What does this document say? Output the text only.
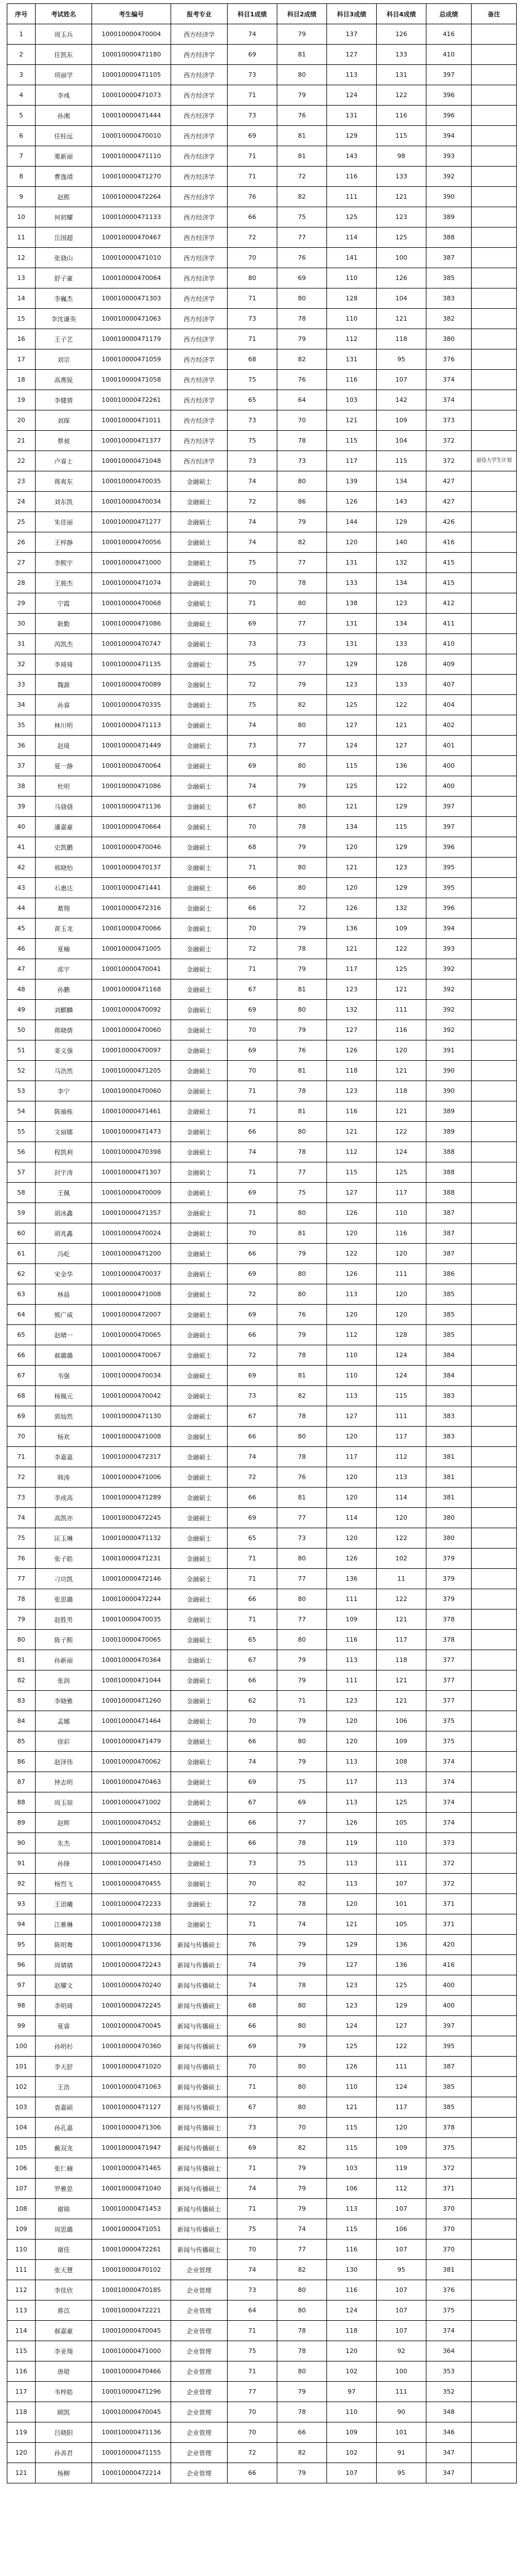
序号	考试姓名	考生编号	报考专业	科目1成绩	科目2成绩	科目3成绩	科目4成绩	总成绩	备注
1	周玉兵	100010000470004	西方经济学	74	79	137	126	416	
2	任凯东	100010000471180	西方经济学	69	81	127	133	410	
3	项丽学	100010000471105	西方经济学	73	80	113	131	397	
4	李彧	100010000471073	西方经济学	71	79	124	122	396	
5	孙湘	100010000471444	西方经济学	73	76	131	116	396	
6	任桂远	100010000470010	西方经济学	69	81	129	115	394	
7	栗新丽	100010000471110	西方经济学	71	81	143	98	393	
8	曹逸靖	100010000471270	西方经济学	71	72	116	133	392	
9	赵熙	100010000472264	西方经济学	76	82	111	121	390	
10	何初耀	100010000471133	西方经济学	66	75	125	123	389	
11	岳国超	100010000470467	西方经济学	72	77	114	125	388	
12	张骁山	100010000471010	西方经济学	70	76	141	100	387	
13	舒子豪	100010000470064	西方经济学	80	69	110	126	385	
14	李巍杰	100010000471303	西方经济学	71	80	128	104	383	
15	李沈谦英	100010000471063	西方经济学	73	78	110	121	382	
16	王子艺	100010000471179	西方经济学	71	79	112	118	380	
17	刘宗	100010000471059	西方经济学	68	82	131	95	376	
18	高燕锐	100010000471058	西方经济学	75	76	116	107	374	
19	李健倩	100010000472261	西方经济学	65	64	103	142	374	
20	刘琛	100010000471011	西方经济学	73	70	121	109	373	
21	蔡昶	100010000471377	西方经济学	75	78	115	104	372	
22	卢睿士	100010000471048	西方经济学	73	73	117	115	372	退役大学生计划
23	蒋爽东	100010000470035	金融硕士	74	80	139	134	427	
24	刘东凯	100010000470034	金融硕士	72	86	126	143	427	
25	朱佳丽	100010000471277	金融硕士	74	79	144	129	426	
26	王梓静	100010000470056	金融硕士	74	82	120	140	416	
27	李熙宇	100010000471000	金融硕士	75	77	131	132	415	
28	王骏杰	100010000471074	金融硕士	70	78	133	134	415	
29	宁霞	100010000470068	金融硕士	71	80	138	123	412	
30	耿勤	100010000471086	金融硕士	69	77	131	134	411	
31	芮凯杰	100010000470747	金融硕士	73	73	131	133	410	
32	李琦琦	100010000471135	金融硕士	75	77	129	128	409	
33	魏源	100010000470089	金融硕士	72	79	123	133	407	
34	孙睿	100010000470335	金融硕士	75	82	125	122	404	
35	林川明	100010000471113	金融硕士	74	80	127	121	402	
36	赵琦	100010000471449	金融硕士	73	77	124	127	401	
37	夏一静	100010000470064	金融硕士	69	80	115	136	400	
38	杜明	100010000471086	金融硕士	74	79	125	122	400	
39	马骁骁	100010000471136	金融硕士	67	80	121	129	397	
40	潘嘉豪	100010000470664	金融硕士	70	78	134	115	397	
41	史凯鹏	100010000470046	金融硕士	68	79	120	129	396	
42	邢晓怡	100010000470137	金融硕士	71	80	121	123	395	
43	石惠达	100010000471441	金融硕士	66	80	120	129	395	
44	葛翔	100010000472316	金融硕士	66	72	126	132	396	
45	黄玉龙	100010000470066	金融硕士	70	79	136	109	394	
46	夏楠	100010000471005	金融硕士	72	78	121	122	393	
47	邵宇	100010000470041	金融硕士	71	79	117	125	392	
48	孙鹏	100010000471168	金融硕士	67	81	123	121	392	
49	刘麒麟	100010000470092	金融硕士	69	80	132	111	392	
50	蒋晓倩	100010000470060	金融硕士	70	79	127	116	392	
51	姜义强	100010000470097	金融硕士	69	76	126	120	391	
52	马浩然	100010000471205	金融硕士	70	81	118	121	390	
53	李宁	100010000470060	金融硕士	71	78	123	118	390	
54	陈瑜栋	100010000471461	金融硕士	71	81	116	121	389	
55	文丽娜	100010000471473	金融硕士	66	80	121	122	389	
56	程凯利	100010000470398	金融硕士	74	78	112	124	388	
57	封宇涛	100010000471307	金融硕士	71	77	115	125	388	
58	王佩	100010000470009	金融硕士	69	75	127	117	388	
59	胡冰鑫	100010000471357	金融硕士	71	80	126	110	387	
60	胡兆鑫	100010000470024	金融硕士	70	81	120	116	387	
61	冯屹	100010000471200	金融硕士	66	79	122	120	387	
62	宋金华	100010000470037	金融硕士	69	80	126	111	386	
63	林晨	100010000471008	金融硕士	72	80	113	120	385	
64	熊广威	100010000472007	金融硕士	69	76	120	120	385	
65	赵晴一	100010000470065	金融硕士	66	79	112	128	385	
66	郝璐璐	100010000470067	金融硕士	72	78	110	124	384	
67	韦强	100010000470034	金融硕士	69	81	110	124	384	
68	杨佩元	100010000470042	金融硕士	73	82	113	115	383	
69	郭灿然	100010000471130	金融硕士	67	78	127	111	383	
70	杨欢	100010000471008	金融硕士	66	80	120	117	383	
71	李嘉嘉	100010000472317	金融硕士	74	78	117	112	381	
72	韩涛	100010000471006	金融硕士	72	76	120	113	381	
73	李成高	100010000471289	金融硕士	66	81	120	114	381	
74	高凯亦	100010000472245	金融硕士	69	77	114	120	380	
75	匡玉琳	100010000471132	金融硕士	65	73	120	122	380	
76	张子皓	100010000471231	金融硕士	71	80	126	102	379	
77	刁功凯	100010000472146	金融硕士	71	77	136	11	379	
78	张思璐	100010000472244	金融硕士	66	80	111	122	379	
79	赵胜男	100010000470035	金融硕士	71	77	109	121	378	
80	陈子熙	100010000470065	金融硕士	65	80	116	117	378	
81	孙新丽	100010000470364	金融硕士	67	79	113	118	377	
82	张润	100010000471044	金融硕士	66	79	111	121	377	
83	李晓雅	100010000471260	金融硕士	62	71	123	121	377	
84	孟娜	100010000471464	金融硕士	70	79	120	106	375	
85	徐彩	100010000471479	金融硕士	66	80	120	109	375	
86	赵泽伟	100010000470062	金融硕士	74	79	113	108	374	
87	钟志明	100010000470463	金融硕士	69	75	117	113	374	
88	周玉琼	100010000471002	金融硕士	67	69	113	125	374	
89	赵辉	100010000470452	金融硕士	66	77	126	105	374	
90	朱杰	100010000470814	金融硕士	66	78	119	110	373	
91	孙锋	100010000471450	金融硕士	73	75	113	111	372	
92	杨烈飞	100010000470455	金融硕士	70	82	113	107	372	
93	王语曦	100010000472233	金融硕士	72	78	120	101	371	
94	江雅琳	100010000472138	金融硕士	71	74	121	105	371	
95	陈明骞	100010000471336	新闻与传播硕士	76	79	129	136	420	
96	周婧婧	100010000472243	新闻与传播硕士	74	79	127	136	416	
97	赵耀文	100010000470240	新闻与传播硕士	74	78	123	125	400	
98	李明琦	100010000472245	新闻与传播硕士	68	80	123	129	400	
99	夏睿	100010000470045	新闻与传播硕士	66	80	124	127	397	
100	孙明杉	100010000470360	新闻与传播硕士	69	79	125	122	395	
101	李天舒	100010000471020	新闻与传播硕士	70	80	126	111	387	
102	王浩	100010000471063	新闻与传播硕士	71	80	110	124	385	
103	袁嘉硕	100010000471127	新闻与传播硕士	67	80	121	117	385	
104	孙孔嘉	100010000471306	新闻与传播硕士	73	70	115	120	378	
105	戴双龙	100010000471947	新闻与传播硕士	69	82	115	109	375	
106	张仁楠	100010000471465	新闻与传播硕士	71	79	103	119	372	
107	罗雅思	100010000471040	新闻与传播硕士	74	79	106	112	371	
108	谢锦	100010000471453	新闻与传播硕士	71	79	113	107	370	
109	周思璐	100010000471051	新闻与传播硕士	75	74	115	106	370	
110	谢佳	100010000472261	新闻与传播硕士	70	77	116	107	370	
111	张天慧	100010000470102	企业管理	74	82	130	95	381	
112	李佳欣	100010000470185	企业管理	73	80	116	107	376	
113	蒋苡	100010000472221	企业管理	64	80	124	107	375	
114	郝嘉豪	100010000470045	企业管理	71	78	118	107	374	
115	李亚翔	100010000471000	企业管理	75	78	120	92	364	
116	唐珺	100010000470466	企业管理	71	80	102	100	353	
117	韦梓皓	100010000471296	企业管理	77	79	97	111	352	
118	顾凯	100010000470045	企业管理	70	78	110	90	348	
119	吕晓阳	100010000471136	企业管理	70	66	109	101	346	
120	孙善君	100010000471155	企业管理	72	82	102	91	347	
121	杨柳	100010000472214	企业管理	66	79	107	95	347	
